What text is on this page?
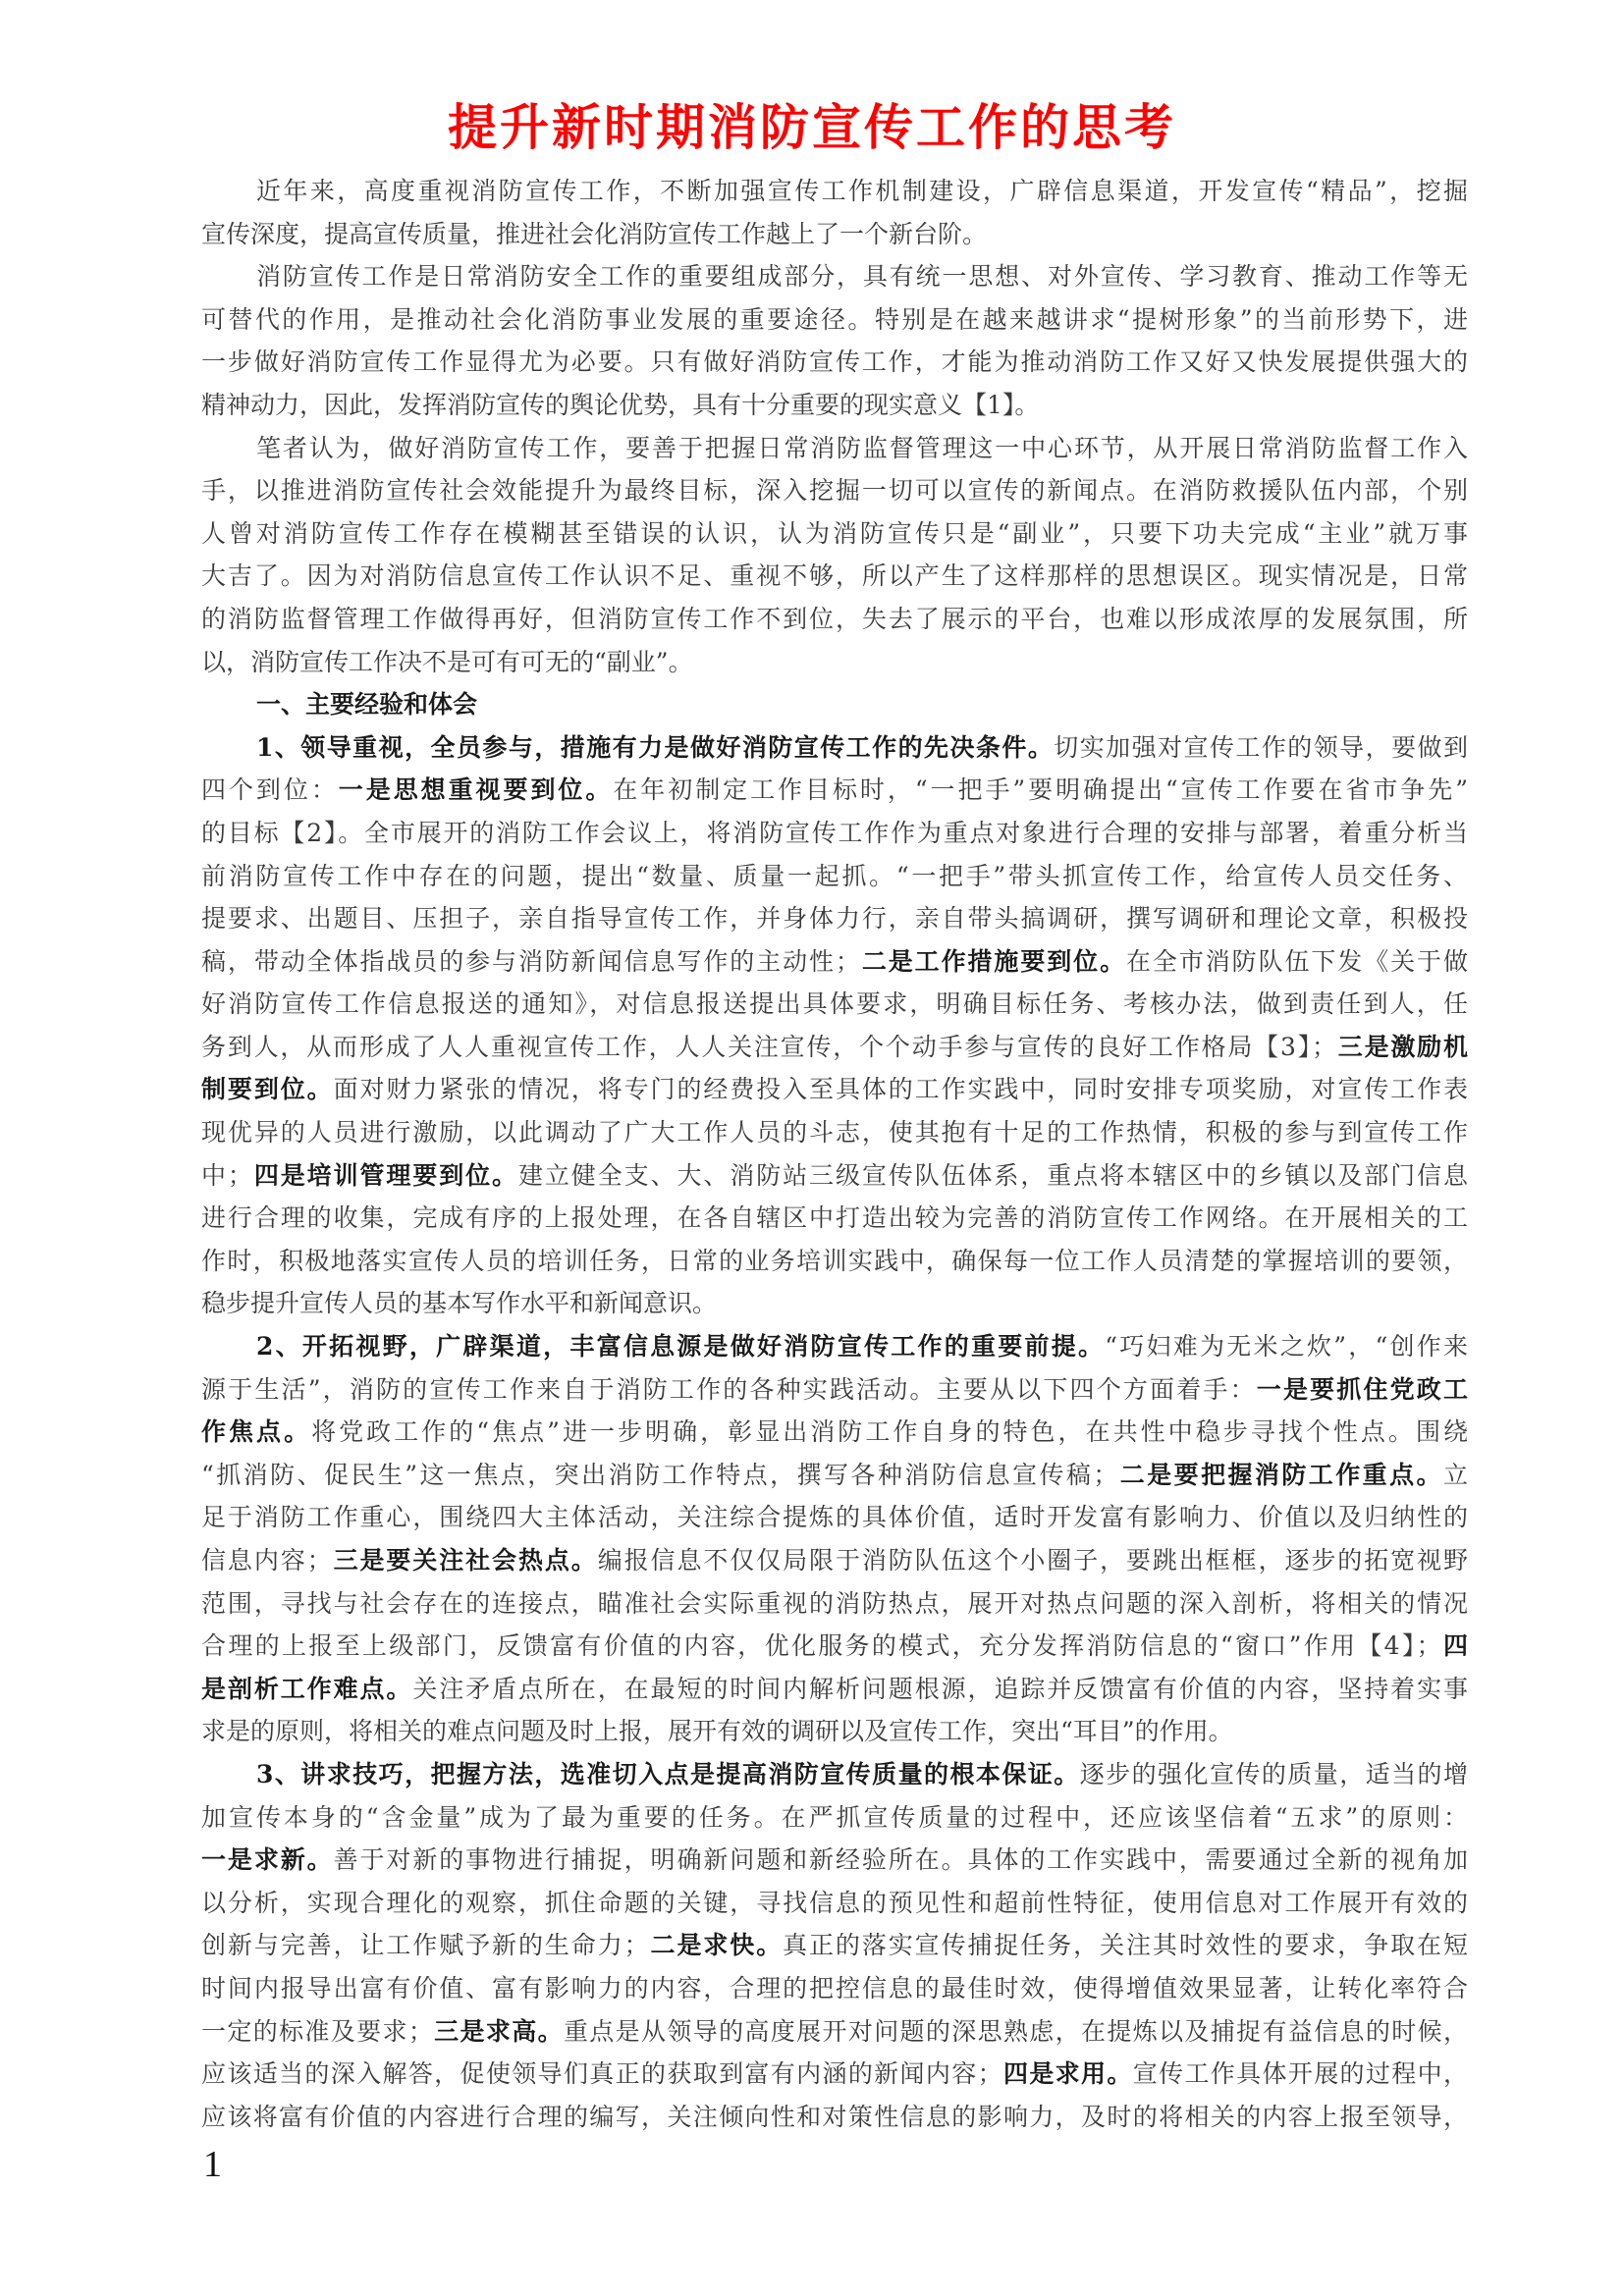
提升新时期消防宣传工作的思考
近年来，高度重视消防宣传工作，不断加强宣传工作机制建设，广辟信息渠道，开发宣传“精品”，挖掘
宣传深度，提高宣传质量，推进社会化消防宣传工作越上了一个新台阶。
消防宣传工作是日常消防安全工作的重要组成部分，具有统一思想、对外宣传、学习教育、推动工作等无
可替代的作用，是推动社会化消防事业发展的重要途径。特别是在越来越讲求“提树形象”的当前形势下，进
一步做好消防宣传工作显得尤为必要。只有做好消防宣传工作，才能为推动消防工作又好又快发展提供强大的
精神动力，因此，发挥消防宣传的舆论优势，具有十分重要的现实意义【1】。
笔者认为，做好消防宣传工作，要善于把握日常消防监督管理这一中心环节，从开展日常消防监督工作入
手，以推进消防宣传社会效能提升为最终目标，深入挖掘一切可以宣传的新闻点。在消防救援队伍内部，个别
人曾对消防宣传工作存在模糊甚至错误的认识，认为消防宣传只是“副业”，只要下功夫完成“主业”就万事
大吉了。因为对消防信息宣传工作认识不足、重视不够，所以产生了这样那样的思想误区。现实情况是，日常
的消防监督管理工作做得再好，但消防宣传工作不到位，失去了展示的平台，也难以形成浓厚的发展氛围，所
以，消防宣传工作决不是可有可无的“副业”。
一、主要经验和体会
1、领导重视，全员参与，措施有力是做好消防宣传工作的先决条件。切实加强对宣传工作的领导，要做到
四个到位：一是思想重视要到位。在年初制定工作目标时，“一把手”要明确提出“宣传工作要在省市争先”
的目标【2】。全市展开的消防工作会议上，将消防宣传工作作为重点对象进行合理的安排与部署，着重分析当
前消防宣传工作中存在的问题，提出“数量、质量一起抓。“一把手”带头抓宣传工作，给宣传人员交任务、
提要求、出题目、压担子，亲自指导宣传工作，并身体力行，亲自带头搞调研，撰写调研和理论文章，积极投
稿，带动全体指战员的参与消防新闻信息写作的主动性；二是工作措施要到位。在全市消防队伍下发《关于做
好消防宣传工作信息报送的通知》，对信息报送提出具体要求，明确目标任务、考核办法，做到责任到人，任
务到人，从而形成了人人重视宣传工作，人人关注宣传，个个动手参与宣传的良好工作格局【3】；三是激励机
制要到位。面对财力紧张的情况，将专门的经费投入至具体的工作实践中，同时安排专项奖励，对宣传工作表
现优异的人员进行激励，以此调动了广大工作人员的斗志，使其抱有十足的工作热情，积极的参与到宣传工作
中；四是培训管理要到位。建立健全支、大、消防站三级宣传队伍体系，重点将本辖区中的乡镇以及部门信息
进行合理的收集，完成有序的上报处理，在各自辖区中打造出较为完善的消防宣传工作网络。在开展相关的工
作时，积极地落实宣传人员的培训任务，日常的业务培训实践中，确保每一位工作人员清楚的掌握培训的要领，
稳步提升宣传人员的基本写作水平和新闻意识。
2、开拓视野，广辟渠道，丰富信息源是做好消防宣传工作的重要前提。“巧妇难为无米之炊”，“创作来
源于生活”，消防的宣传工作来自于消防工作的各种实践活动。主要从以下四个方面着手：一是要抓住党政工
作焦点。将党政工作的“焦点”进一步明确，彰显出消防工作自身的特色，在共性中稳步寻找个性点。围绕
“抓消防、促民生”这一焦点，突出消防工作特点，撰写各种消防信息宣传稿；二是要把握消防工作重点。立
足于消防工作重心，围绕四大主体活动，关注综合提炼的具体价值，适时开发富有影响力、价值以及归纳性的
信息内容；三是要关注社会热点。编报信息不仅仅局限于消防队伍这个小圈子，要跳出框框，逐步的拓宽视野
范围，寻找与社会存在的连接点，瞄准社会实际重视的消防热点，展开对热点问题的深入剖析，将相关的情况
合理的上报至上级部门，反馈富有价值的内容，优化服务的模式，充分发挥消防信息的“窗口”作用【4】；四
是剖析工作难点。关注矛盾点所在，在最短的时间内解析问题根源，追踪并反馈富有价值的内容，坚持着实事
求是的原则，将相关的难点问题及时上报，展开有效的调研以及宣传工作，突出“耳目”的作用。
3、讲求技巧，把握方法，选准切入点是提高消防宣传质量的根本保证。逐步的强化宣传的质量，适当的增
加宣传本身的“含金量”成为了最为重要的任务。在严抓宣传质量的过程中，还应该坚信着“五求”的原则：
一是求新。善于对新的事物进行捕捉，明确新问题和新经验所在。具体的工作实践中，需要通过全新的视角加
以分析，实现合理化的观察，抓住命题的关键，寻找信息的预见性和超前性特征，使用信息对工作展开有效的
创新与完善，让工作赋予新的生命力；二是求快。真正的落实宣传捕捉任务，关注其时效性的要求，争取在短
时间内报导出富有价值、富有影响力的内容，合理的把控信息的最佳时效，使得增值效果显著，让转化率符合
一定的标准及要求；三是求高。重点是从领导的高度展开对问题的深思熟虑，在提炼以及捕捉有益信息的时候，
应该适当的深入解答，促使领导们真正的获取到富有内涵的新闻内容；四是求用。宣传工作具体开展的过程中，
应该将富有价值的内容进行合理的编写，关注倾向性和对策性信息的影响力，及时的将相关的内容上报至领导，
1
